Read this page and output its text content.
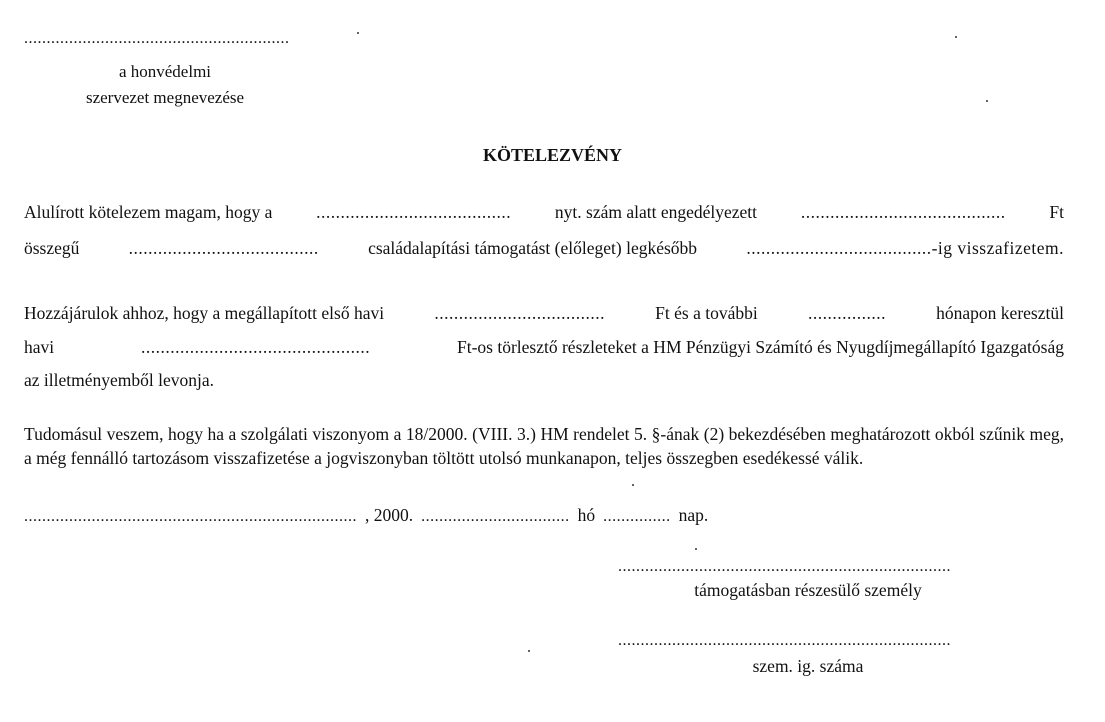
...........................................................
a honvédelmi
szervezet megnevezése
KÖTELEZVÉNY
Alulírott kötelezem magam, hogy a	........................................	nyt. szám alatt engedélyezett	..........................................	Ft
összegű	.......................................	családalapítási támogatást (előleget) legkésőbb	......................................-ig visszafizetem.
Hozzájárulok ahhoz, hogy a megállapított első havi	...................................	Ft és a további	................	hónapon keresztül
havi	...............................................	Ft-os törlesztő részleteket a HM Pénzügyi Számító és Nyugdíjmegállapító Igazgatóság
az illetményemből levonja.
Tudomásul veszem, hogy ha a szolgálati viszonyom a 18/2000. (VIII. 3.) HM rendelet 5. §-ának (2) bekezdésében meghatározott okból szűnik meg, a még fennálló tartozásom visszafizetése a jogviszonyban töltött utolsó munkanapon, teljes összegben esedékessé válik.
.......................................................................... , 2000. ................................. hó ............... nap.
..........................................................................
támogatásban részesülő személy
..........................................................................
szem. ig. száma
